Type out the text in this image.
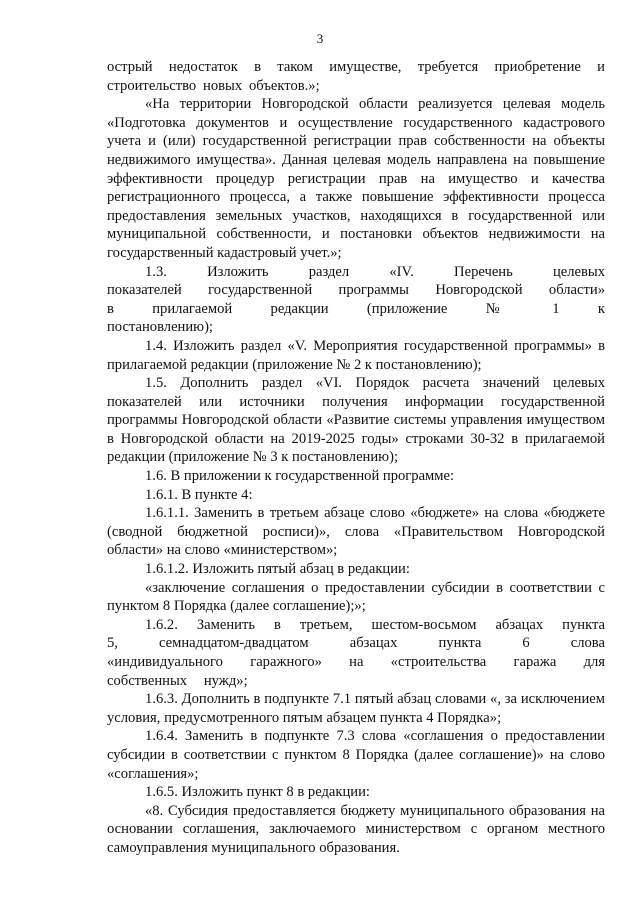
3

острый недостаток в таком имуществе, требуется приобретение и строительство новых объектов.»;

«На территории Новгородской области реализуется целевая модель «Подготовка документов и осуществление государственного кадастрового учета и (или) государственной регистрации прав собственности на объекты недвижимого имущества». Данная целевая модель направлена на повышение эффективности процедур регистрации прав на имущество и качества регистрационного процесса, а также повышение эффективности процесса предоставления земельных участков, находящихся в государственной или муниципальной собственности, и постановки объектов недвижимости на государственный кадастровый учет.»;

1.3. Изложить раздел «IV. Перечень целевых показателей государственной программы Новгородской области» в прилагаемой редакции (приложение № 1 к постановлению);

1.4. Изложить раздел «V. Мероприятия государственной программы» в прилагаемой редакции (приложение № 2 к постановлению);

1.5. Дополнить раздел «VI. Порядок расчета значений целевых показателей или источники получения информации государственной программы Новгородской области «Развитие системы управления имуществом в Новгородской области на 2019-2025 годы» строками 30-32 в прилагаемой редакции (приложение № 3 к постановлению);

1.6. В приложении к государственной программе:

1.6.1. В пункте 4:

1.6.1.1. Заменить в третьем абзаце слово «бюджете» на слова «бюджете (сводной бюджетной росписи)», слова «Правительством Новгородской области» на слово «министерством»;

1.6.1.2. Изложить пятый абзац в редакции:

«заключение соглашения о предоставлении субсидии в соответствии с пунктом 8 Порядка (далее соглашение);»;

1.6.2. Заменить в третьем, шестом-восьмом абзацах пункта 5, семнадцатом-двадцатом абзацах пункта 6 слова «индивидуального гаражного» на «строительства гаража для собственных нужд»;

1.6.3. Дополнить в подпункте 7.1 пятый абзац словами «, за исключением условия, предусмотренного пятым абзацем пункта 4 Порядка»;

1.6.4. Заменить в подпункте 7.3 слова «соглашения о предоставлении субсидии в соответствии с пунктом 8 Порядка (далее соглашение)» на слово «соглашения»;

1.6.5. Изложить пункт 8 в редакции:

«8. Субсидия предоставляется бюджету муниципального образования на основании соглашения, заключаемого министерством с органом местного самоуправления муниципального образования.
